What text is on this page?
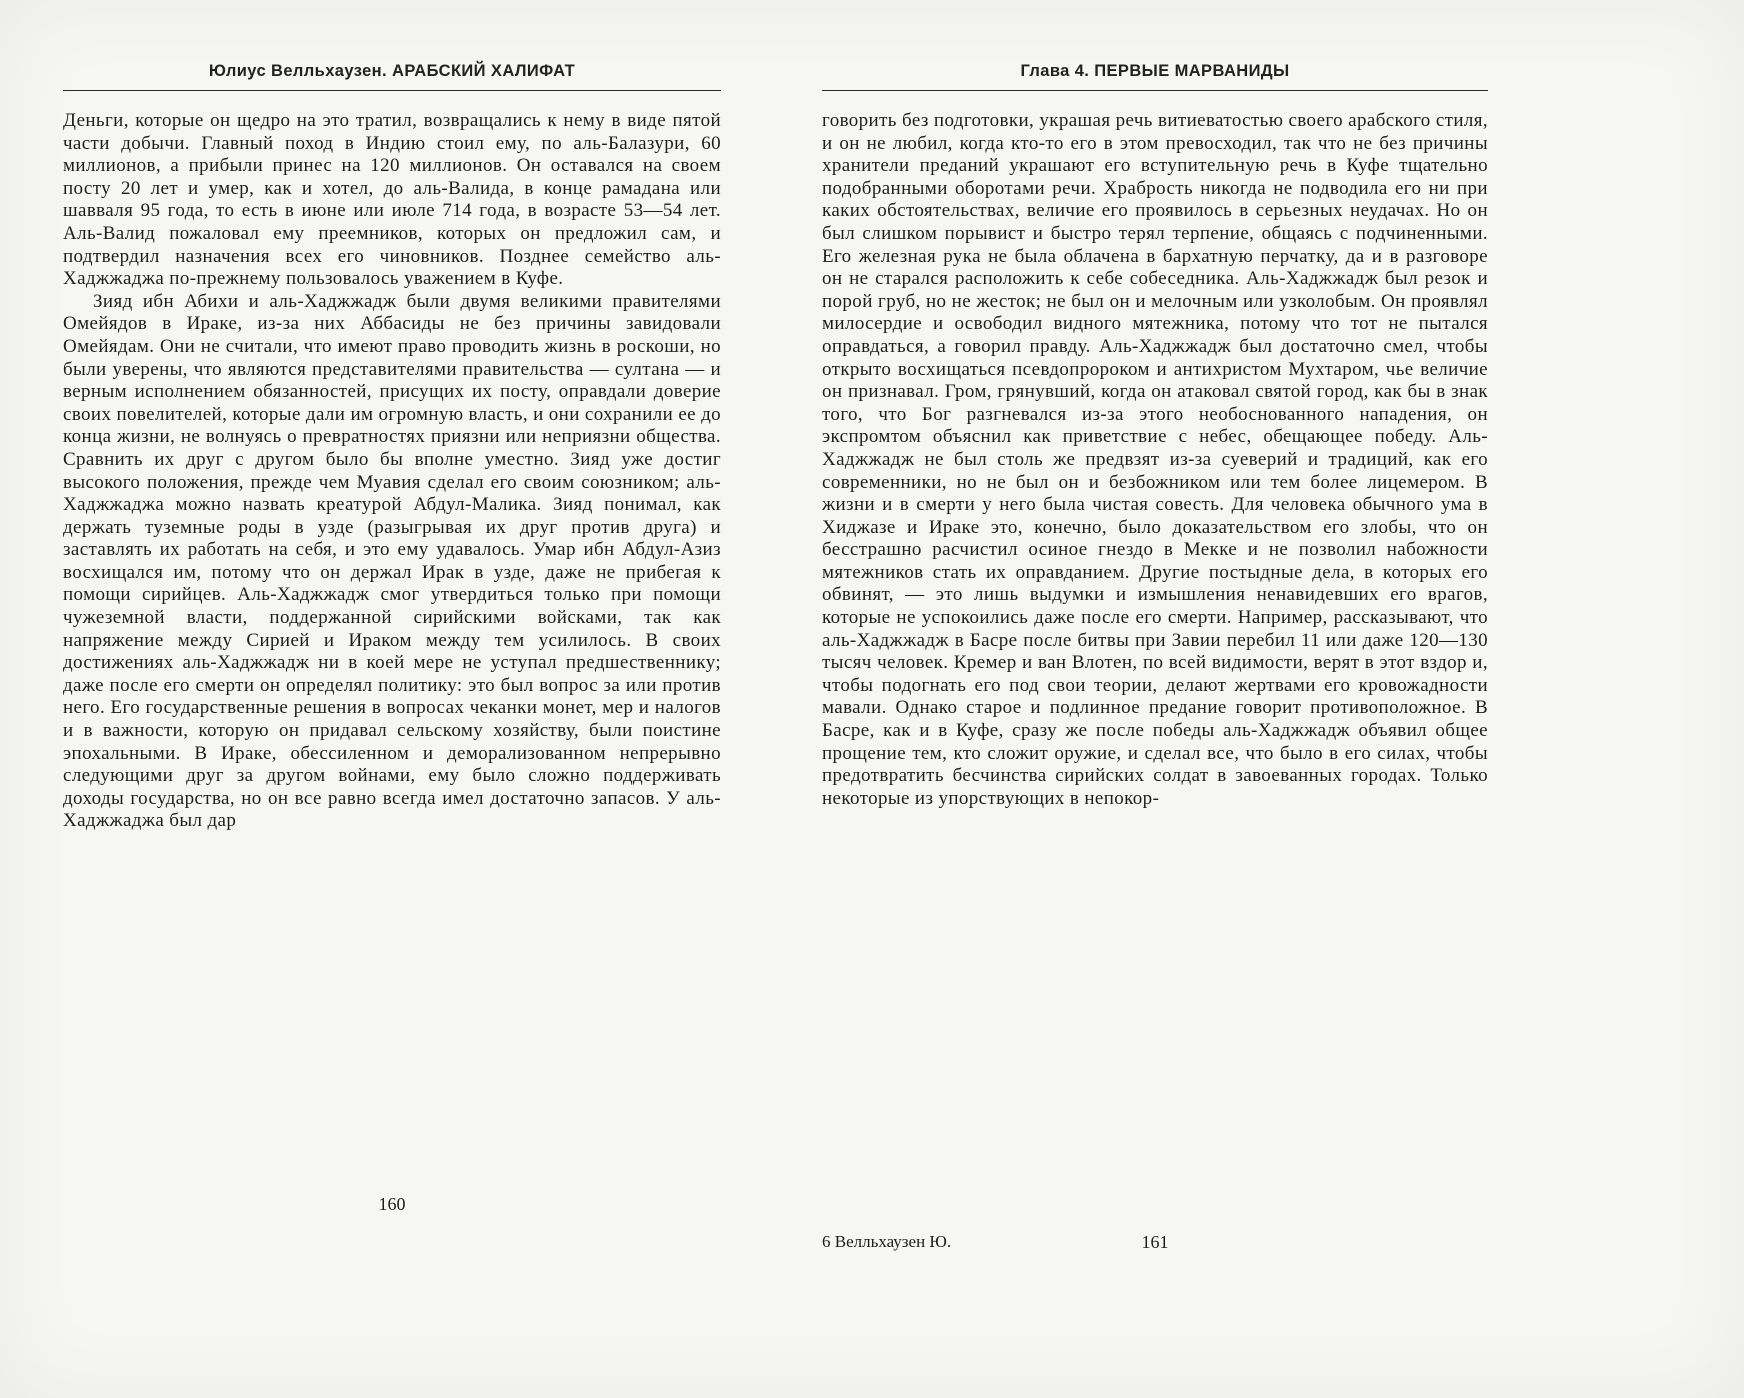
Юлиус Велльхаузен. АРАБСКИЙ ХАЛИФАТ

Деньги, которые он щедро на это тратил, возвращались к нему в виде пятой части добычи. Главный поход в Индию стоил ему, по аль-Балазури, 60 миллионов, а прибыли принес на 120 миллионов. Он оставался на своем посту 20 лет и умер, как и хотел, до аль-Валида, в конце рамадана или шавваля 95 года, то есть в июне или июле 714 года, в возрасте 53—54 лет. Аль-Валид пожаловал ему преемников, которых он предложил сам, и подтвердил назначения всех его чиновников. Позднее семейство аль-Хаджжаджа по-прежнему пользовалось уважением в Куфе.

Зияд ибн Абихи и аль-Хаджжадж были двумя великими правителями Омейядов в Ираке, из-за них Аббасиды не без причины завидовали Омейядам. Они не считали, что имеют право проводить жизнь в роскоши, но были уверены, что являются представителями правительства — султана — и верным исполнением обязанностей, присущих их посту, оправдали доверие своих повелителей, которые дали им огромную власть, и они сохранили ее до конца жизни, не волнуясь о превратностях приязни или неприязни общества. Сравнить их друг с другом было бы вполне уместно. Зияд уже достиг высокого положения, прежде чем Муавия сделал его своим союзником; аль-Хаджжаджа можно назвать креатурой Абдул-Малика. Зияд понимал, как держать туземные роды в узде (разыгрывая их друг против друга) и заставлять их работать на себя, и это ему удавалось. Умар ибн Абдул-Азиз восхищался им, потому что он держал Ирак в узде, даже не прибегая к помощи сирийцев. Аль-Хаджжадж смог утвердиться только при помощи чужеземной власти, поддержанной сирийскими войсками, так как напряжение между Сирией и Ираком между тем усилилось. В своих достижениях аль-Хаджжадж ни в коей мере не уступал предшественнику; даже после его смерти он определял политику: это был вопрос за или против него. Его государственные решения в вопросах чеканки монет, мер и налогов и в важности, которую он придавал сельскому хозяйству, были поистине эпохальными. В Ираке, обессиленном и деморализованном непрерывно следующими друг за другом войнами, ему было сложно поддерживать доходы государства, но он все равно всегда имел достаточно запасов. У аль-Хаджжаджа был дар

160
Глава 4. ПЕРВЫЕ МАРВАНИДЫ

говорить без подготовки, украшая речь витиеватостью своего арабского стиля, и он не любил, когда кто-то его в этом превосходил, так что не без причины хранители преданий украшают его вступительную речь в Куфе тщательно подобранными оборотами речи. Храбрость никогда не подводила его ни при каких обстоятельствах, величие его проявилось в серьезных неудачах. Но он был слишком порывист и быстро терял терпение, общаясь с подчиненными. Его железная рука не была облачена в бархатную перчатку, да и в разговоре он не старался расположить к себе собеседника. Аль-Хаджжадж был резок и порой груб, но не жесток; не был он и мелочным или узколобым. Он проявлял милосердие и освободил видного мятежника, потому что тот не пытался оправдаться, а говорил правду. Аль-Хаджжадж был достаточно смел, чтобы открыто восхищаться псевдопророком и антихристом Мухтаром, чье величие он признавал. Гром, грянувший, когда он атаковал святой город, как бы в знак того, что Бог разгневался из-за этого необоснованного нападения, он экспромтом объяснил как приветствие с небес, обещающее победу. Аль-Хаджжадж не был столь же предвзят из-за суеверий и традиций, как его современники, но не был он и безбожником или тем более лицемером. В жизни и в смерти у него была чистая совесть. Для человека обычного ума в Хиджазе и Ираке это, конечно, было доказательством его злобы, что он бесстрашно расчистил осиное гнездо в Мекке и не позволил набожности мятежников стать их оправданием. Другие постыдные дела, в которых его обвинят, — это лишь выдумки и измышления ненавидевших его врагов, которые не успокоились даже после его смерти. Например, рассказывают, что аль-Хаджжадж в Басре после битвы при Завии перебил 11 или даже 120—130 тысяч человек. Кремер и ван Влотен, по всей видимости, верят в этот вздор и, чтобы подогнать его под свои теории, делают жертвами его кровожадности мавали. Однако старое и подлинное предание говорит противоположное. В Басре, как и в Куфе, сразу же после победы аль-Хаджжадж объявил общее прощение тем, кто сложит оружие, и сделал все, что было в его силах, чтобы предотвратить бесчинства сирийских солдат в завоеванных городах. Только некоторые из упорствующих в непокор-

6 Велльхаузен Ю.	161
